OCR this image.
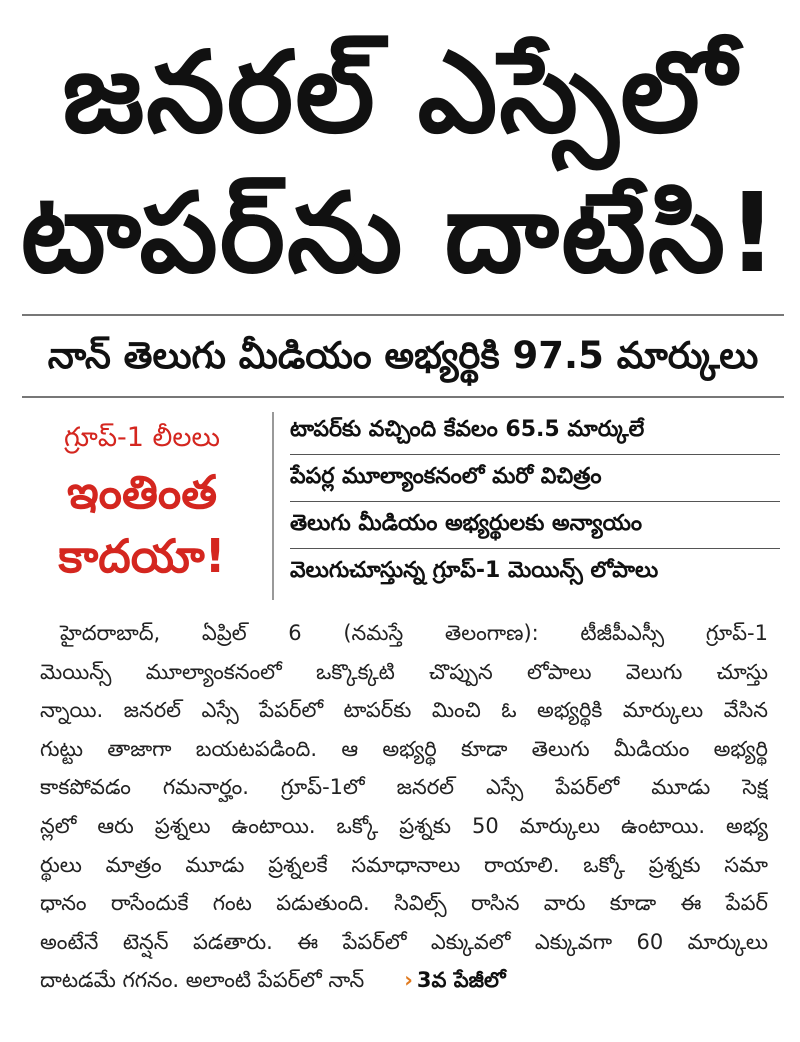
జనరల్‌ ఎస్సేలో
టాపర్‌ను దాటేసి!
నాన్‌ తెలుగు మీడియం అభ్యర్థికి 97.5 మార్కులు
గ్రూప్‌-1 లీలలు
ఇంతింత
కాదయా!
టాపర్‌కు వచ్చింది కేవలం 65.5 మార్కులే
పేపర్ల మూల్యాంకనంలో మరో విచిత్రం
తెలుగు మీడియం అభ్యర్థులకు అన్యాయం
వెలుగుచూస్తున్న గ్రూప్‌-1 మెయిన్స్‌ లోపాలు
హైదరాబాద్‌, ఏప్రిల్‌ 6 (నమస్తే తెలంగాణ): టీజీపీఎస్సీ గ్రూప్‌-1
మెయిన్స్‌ మూల్యాంకనంలో ఒక్కొక్కటి చొప్పున లోపాలు వెలుగు చూస్తు
న్నాయి. జనరల్‌ ఎస్సే పేపర్‌లో టాపర్‌కు మించి ఓ అభ్యర్థికి మార్కులు వేసిన
గుట్టు తాజాగా బయటపడింది. ఆ అభ్యర్థి కూడా తెలుగు మీడియం అభ్యర్థి
కాకపోవడం గమనార్హం. గ్రూప్‌-1లో జనరల్‌ ఎస్సే పేపర్‌లో మూడు సెక్ష
న్లలో ఆరు ప్రశ్నలు ఉంటాయి. ఒక్కో ప్రశ్నకు 50 మార్కులు ఉంటాయి. అభ్య
ర్థులు మాత్రం మూడు ప్రశ్నలకే సమాధానాలు రాయాలి. ఒక్కో ప్రశ్నకు సమా
ధానం రాసేందుకే గంట పడుతుంది. సివిల్స్‌ రాసిన వారు కూడా ఈ పేపర్‌
అంటేనే టెన్షన్‌ పడతారు. ఈ పేపర్‌లో ఎక్కువలో ఎక్కువగా 60 మార్కులు
దాటడమే గగనం. అలాంటి పేపర్‌లో నాన్‌ › 3వ పేజీలో
